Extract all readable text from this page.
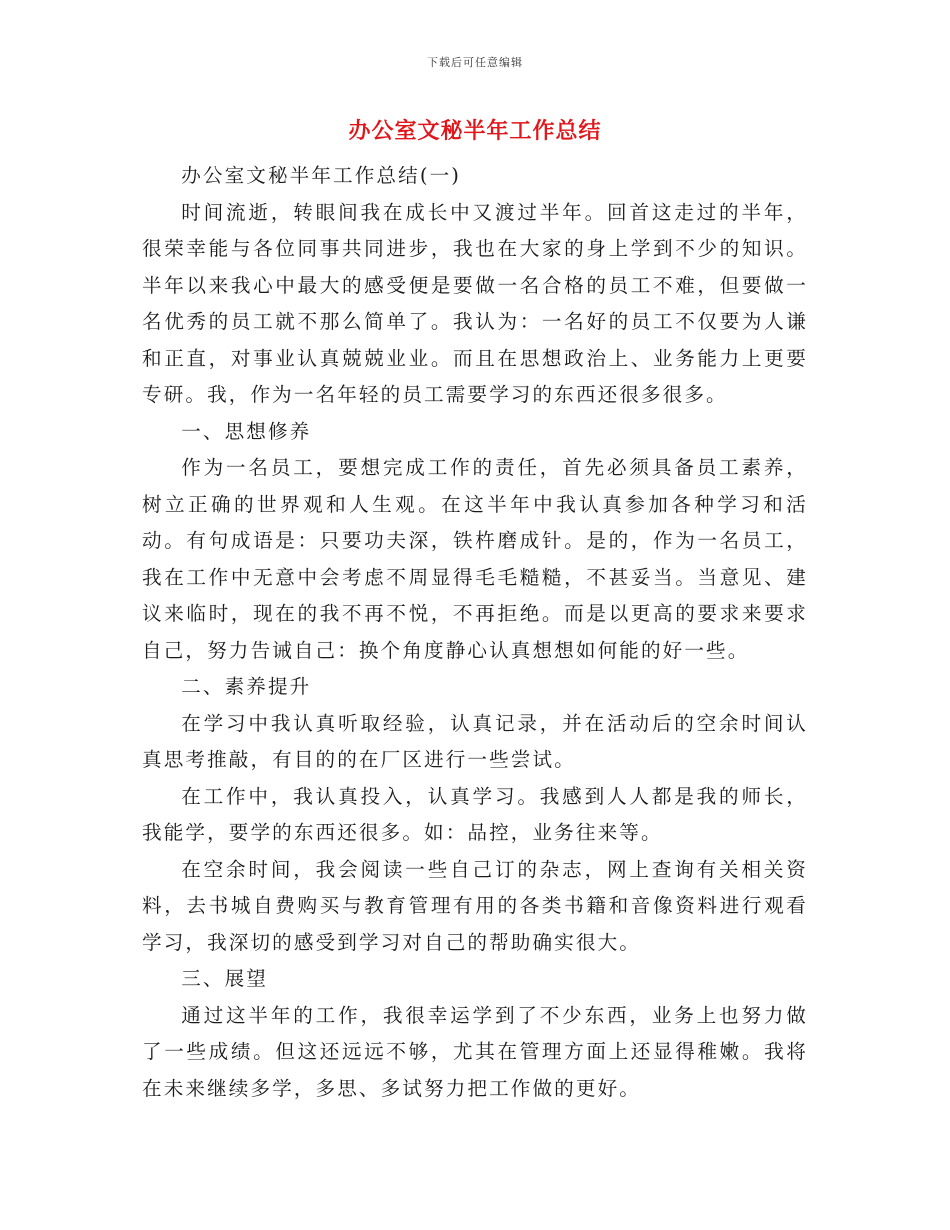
下载后可任意编辑
办公室文秘半年工作总结

办公室文秘半年工作总结(一)

时间流逝，转眼间我在成长中又渡过半年。回首这走过的半年，很荣幸能与各位同事共同进步，我也在大家的身上学到不少的知识。半年以来我心中最大的感受便是要做一名合格的员工不难，但要做一名优秀的员工就不那么简单了。我认为：一名好的员工不仅要为人谦和正直，对事业认真兢兢业业。而且在思想政治上、业务能力上更要专研。我，作为一名年轻的员工需要学习的东西还很多很多。

一、思想修养

作为一名员工，要想完成工作的责任，首先必须具备员工素养，树立正确的世界观和人生观。在这半年中我认真参加各种学习和活动。有句成语是：只要功夫深，铁杵磨成针。是的，作为一名员工，我在工作中无意中会考虑不周显得毛毛糙糙，不甚妥当。当意见、建议来临时，现在的我不再不悦，不再拒绝。而是以更高的要求来要求自己，努力告诫自己：换个角度静心认真想想如何能的好一些。

二、素养提升

在学习中我认真听取经验，认真记录，并在活动后的空余时间认真思考推敲，有目的的在厂区进行一些尝试。

在工作中，我认真投入，认真学习。我感到人人都是我的师长，我能学，要学的东西还很多。如：品控，业务往来等。

在空余时间，我会阅读一些自己订的杂志，网上查询有关相关资料，去书城自费购买与教育管理有用的各类书籍和音像资料进行观看学习，我深切的感受到学习对自己的帮助确实很大。

三、展望

通过这半年的工作，我很幸运学到了不少东西，业务上也努力做了一些成绩。但这还远远不够，尤其在管理方面上还显得稚嫩。我将在未来继续多学，多思、多试努力把工作做的更好。
